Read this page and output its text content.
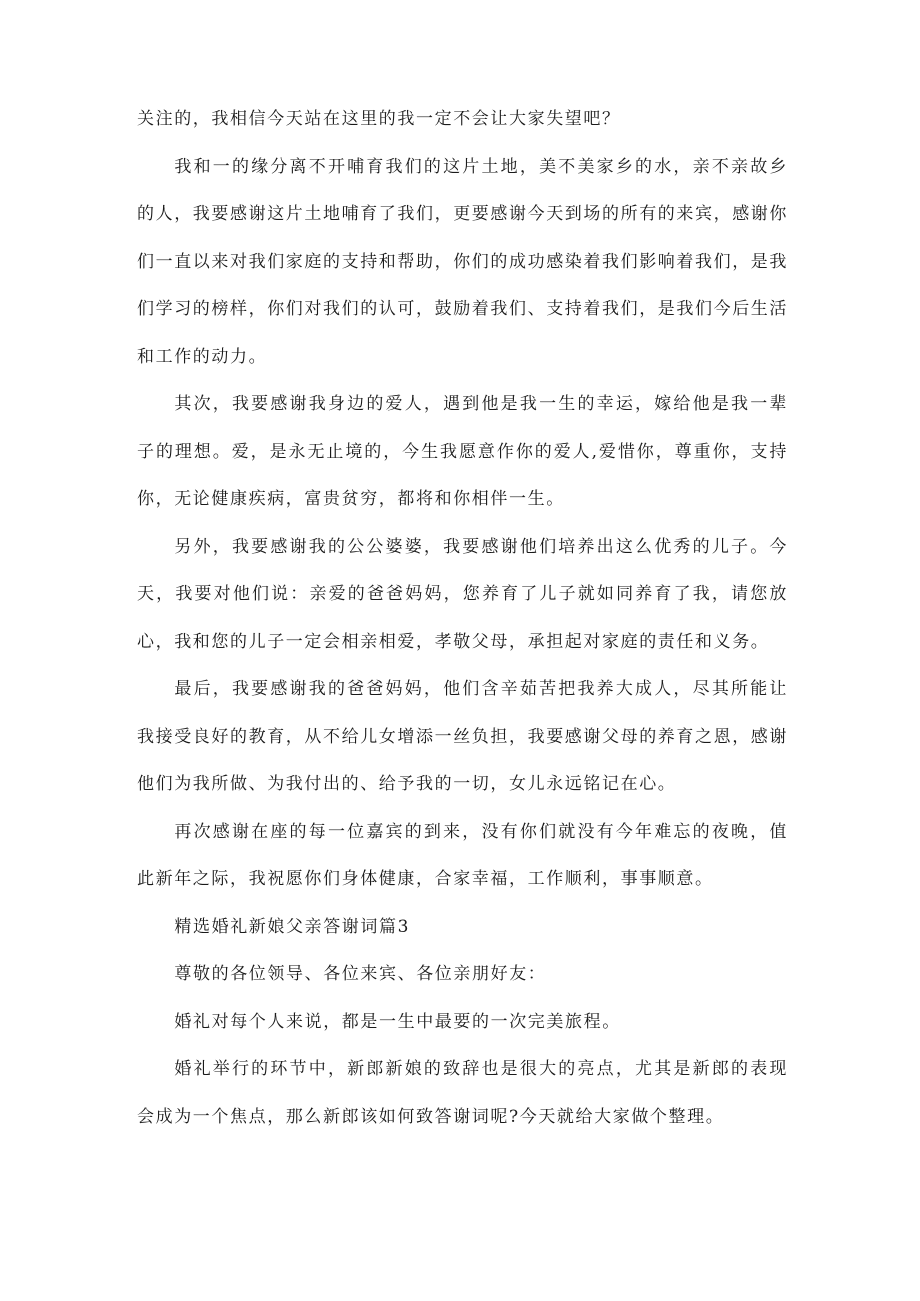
关注的，我相信今天站在这里的我一定不会让大家失望吧？

我和一的缘分离不开哺育我们的这片土地，美不美家乡的水，亲不亲故乡的人，我要感谢这片土地哺育了我们，更要感谢今天到场的所有的来宾，感谢你们一直以来对我们家庭的支持和帮助，你们的成功感染着我们影响着我们，是我们学习的榜样，你们对我们的认可，鼓励着我们、支持着我们，是我们今后生活和工作的动力。

其次，我要感谢我身边的爱人，遇到他是我一生的幸运，嫁给他是我一辈子的理想。爱，是永无止境的，今生我愿意作你的爱人,爱惜你，尊重你，支持你，无论健康疾病，富贵贫穷，都将和你相伴一生。

另外，我要感谢我的公公婆婆，我要感谢他们培养出这么优秀的儿子。今天，我要对他们说：亲爱的爸爸妈妈，您养育了儿子就如同养育了我，请您放心，我和您的儿子一定会相亲相爱，孝敬父母，承担起对家庭的责任和义务。

最后，我要感谢我的爸爸妈妈，他们含辛茹苦把我养大成人，尽其所能让我接受良好的教育，从不给儿女增添一丝负担，我要感谢父母的养育之恩，感谢他们为我所做、为我付出的、给予我的一切，女儿永远铭记在心。

再次感谢在座的每一位嘉宾的到来，没有你们就没有今年难忘的夜晚，值此新年之际，我祝愿你们身体健康，合家幸福，工作顺利，事事顺意。

精选婚礼新娘父亲答谢词篇3

尊敬的各位领导、各位来宾、各位亲朋好友：

婚礼对每个人来说，都是一生中最要的一次完美旅程。

婚礼举行的环节中，新郎新娘的致辞也是很大的亮点，尤其是新郎的表现会成为一个焦点，那么新郎该如何致答谢词呢?今天就给大家做个整理。
